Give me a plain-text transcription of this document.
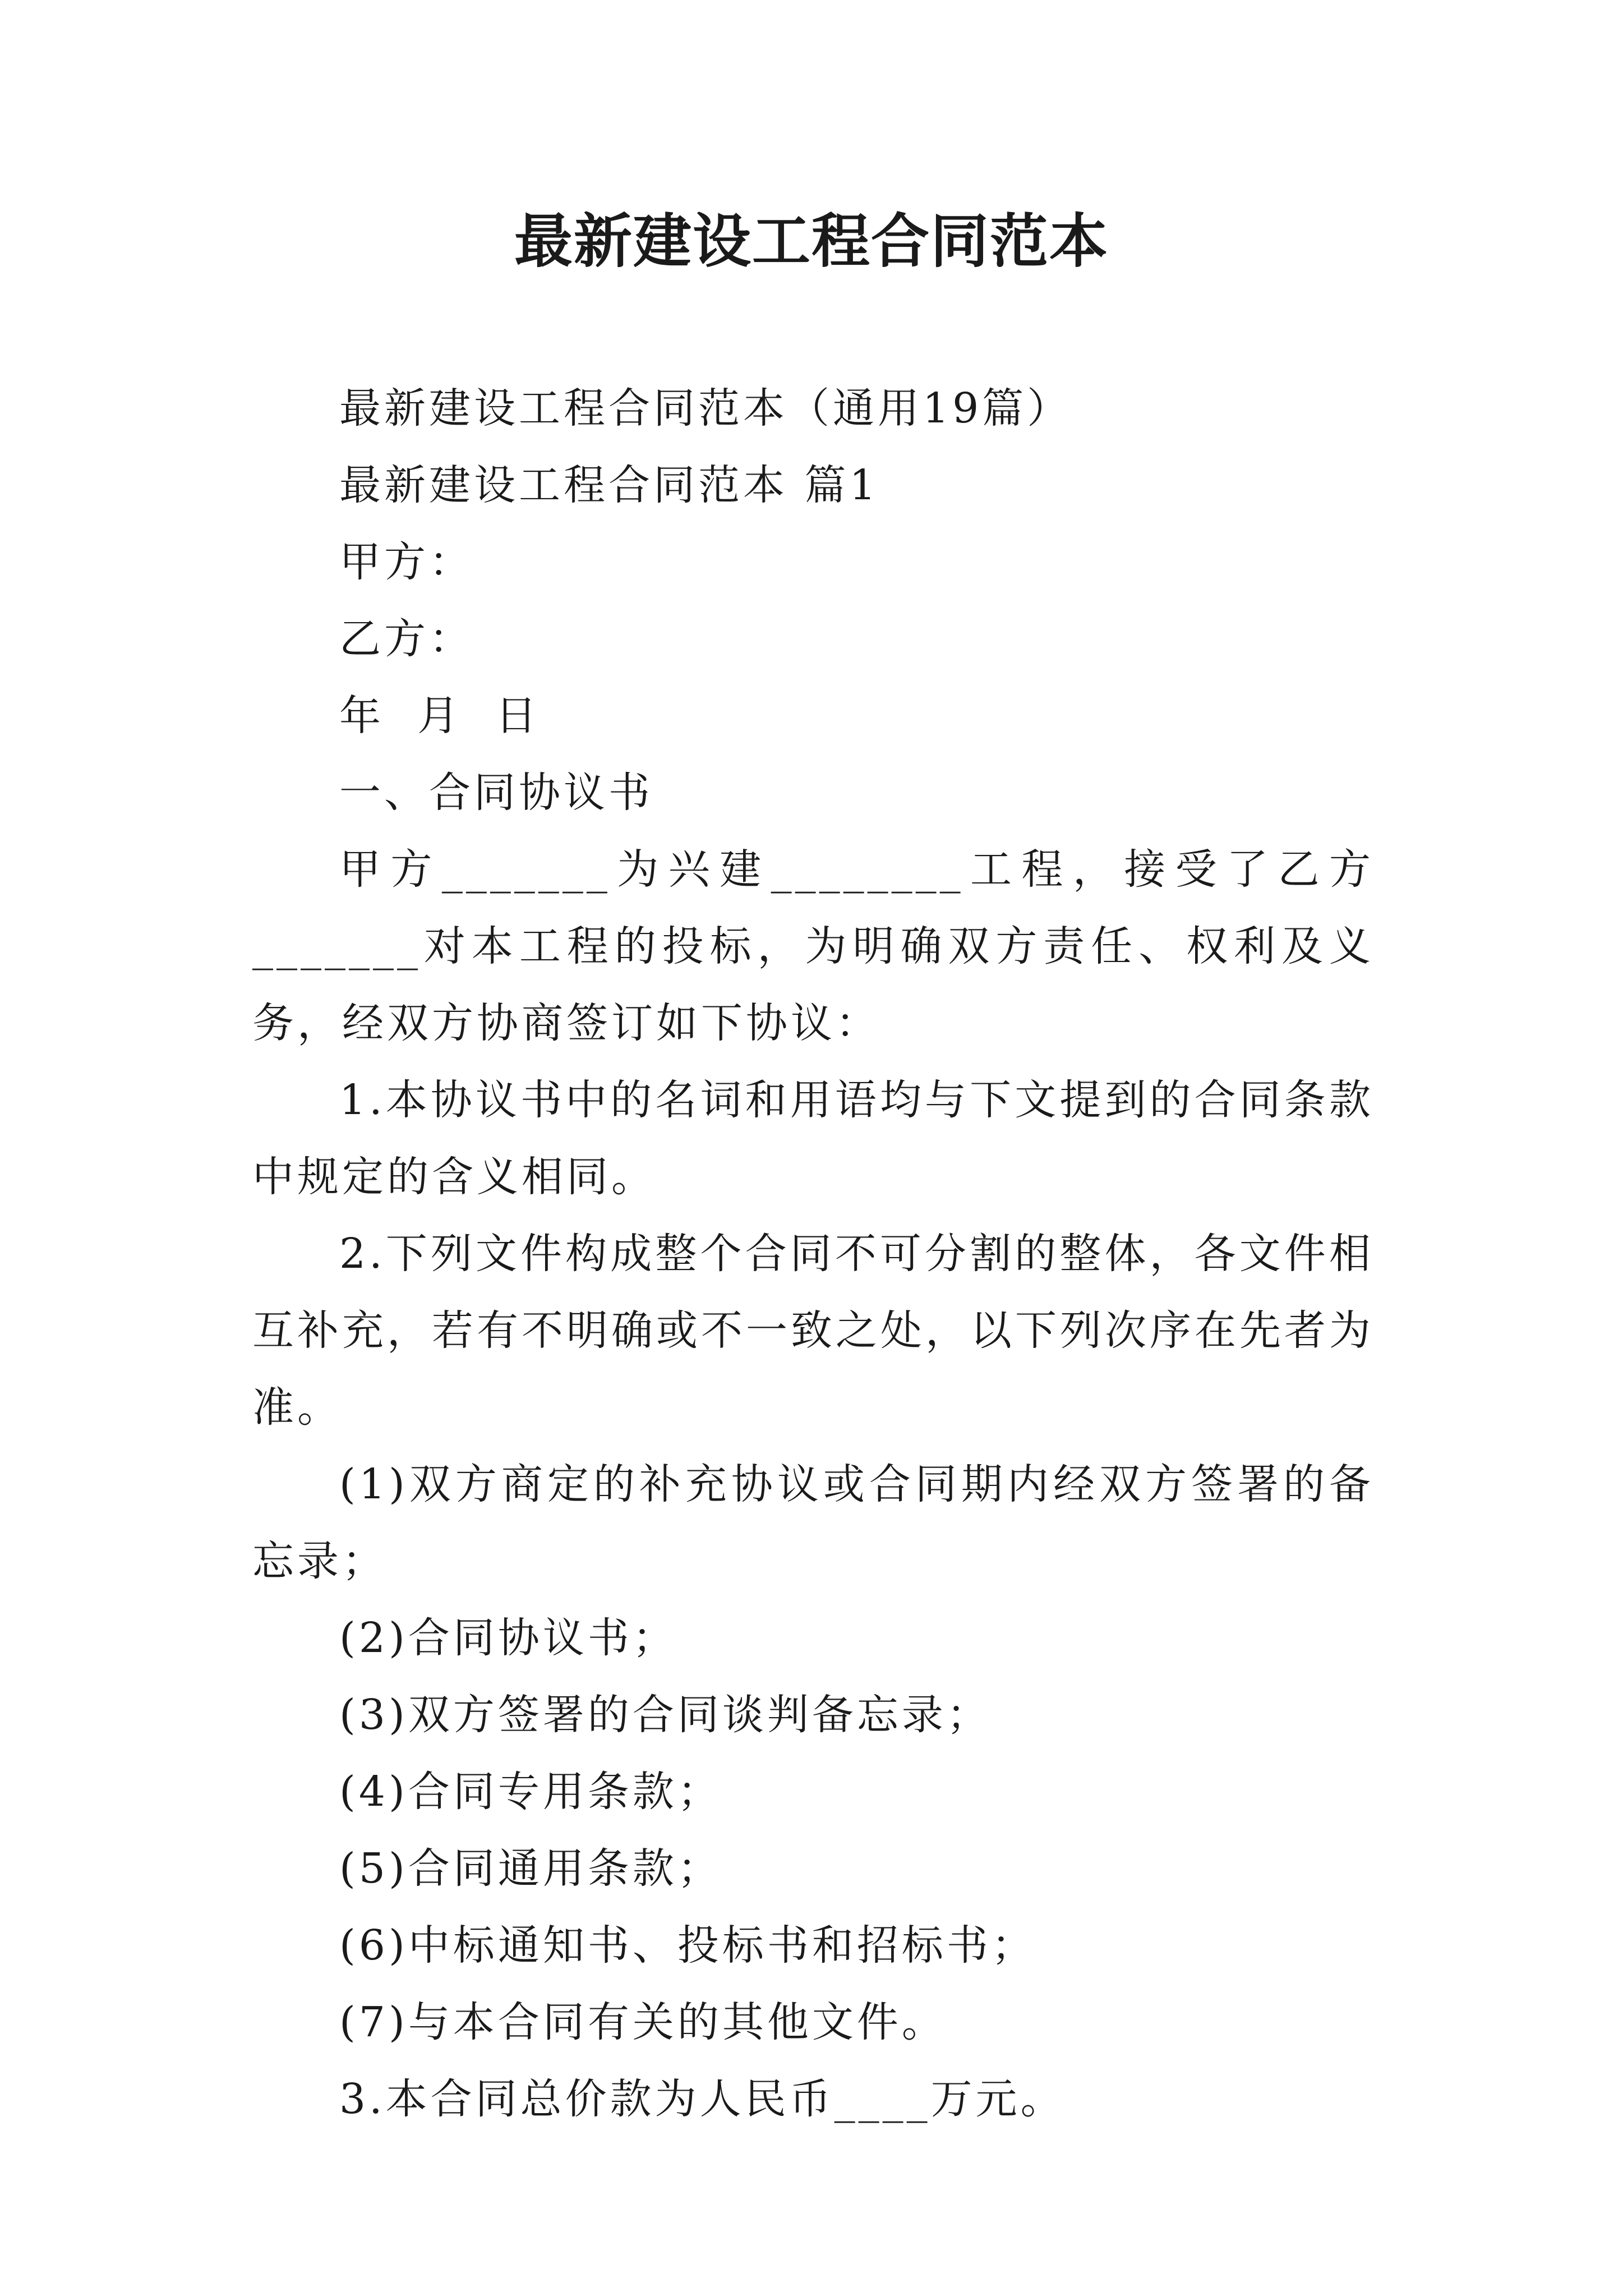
最新建设工程合同范本

最新建设工程合同范本（通用19篇）

最新建设工程合同范本 篇1

甲方：

乙方：

年  月  日

一、合同协议书

甲方_______为兴建________工程，接受了乙方_______对本工程的投标，为明确双方责任、权利及义务，经双方协商签订如下协议：

1.本协议书中的名词和用语均与下文提到的合同条款中规定的含义相同。

2.下列文件构成整个合同不可分割的整体，各文件相互补充，若有不明确或不一致之处，以下列次序在先者为准。

(1)双方商定的补充协议或合同期内经双方签署的备忘录；

(2)合同协议书；

(3)双方签署的合同谈判备忘录；

(4)合同专用条款；

(5)合同通用条款；

(6)中标通知书、投标书和招标书；

(7)与本合同有关的其他文件。

3.本合同总价款为人民币____万元。
